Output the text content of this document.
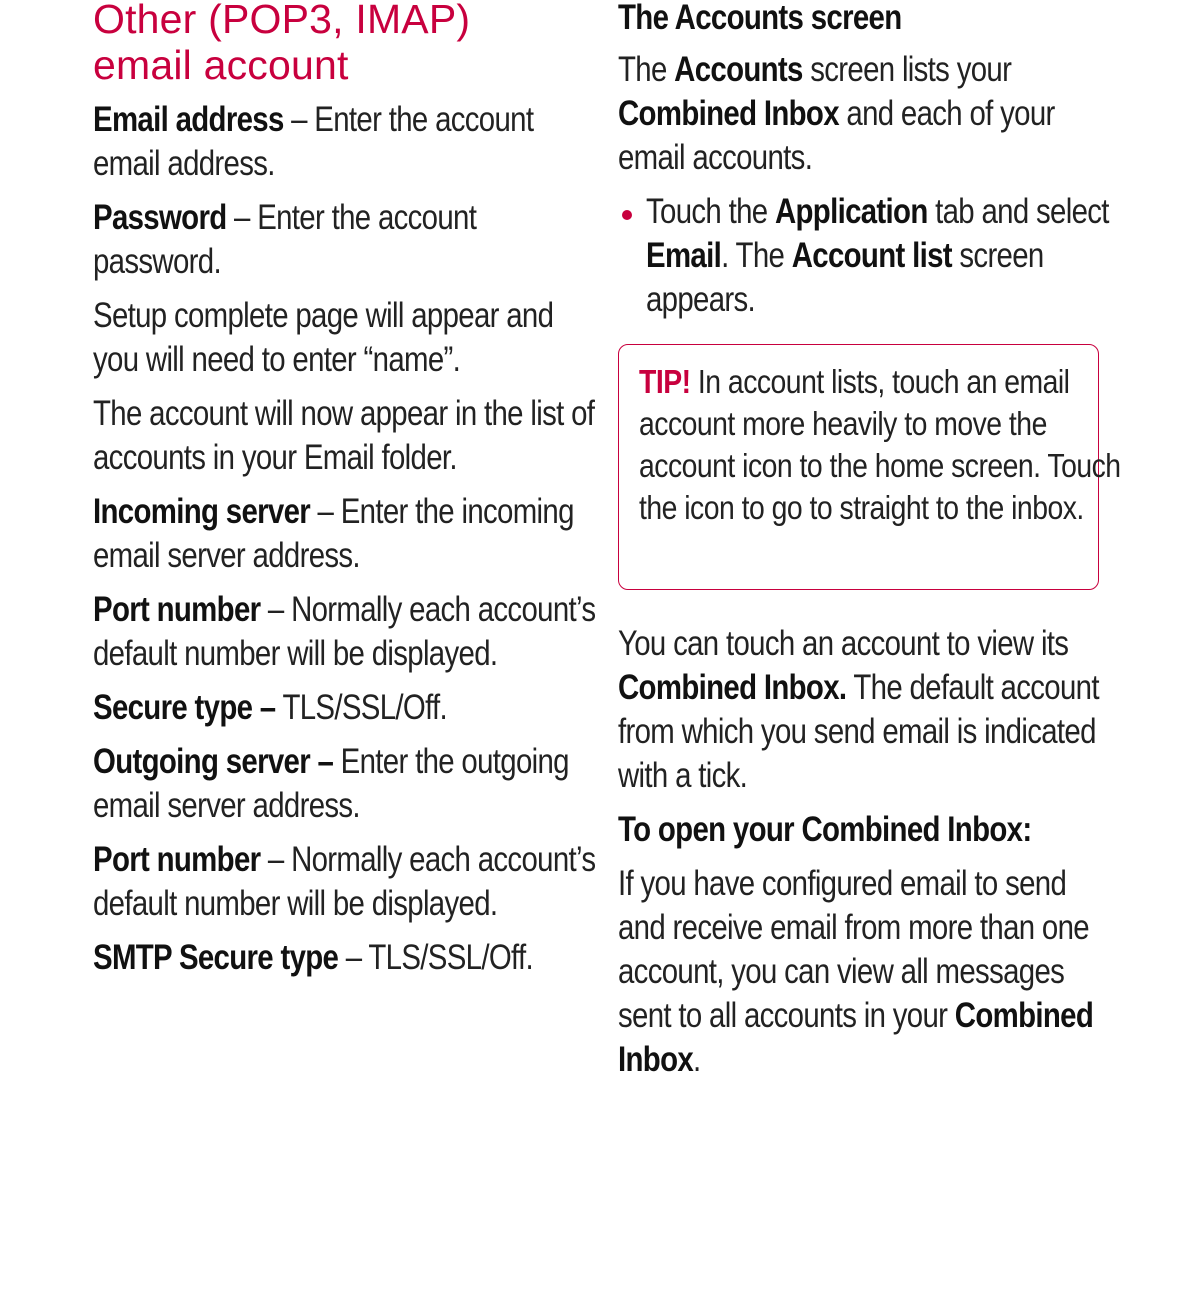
Other (POP3, IMAP)
email account

Email address – Enter the account email address.

Password – Enter the account password.

Setup complete page will appear and you will need to enter “name”.

The account will now appear in the list of accounts in your Email folder.

Incoming server – Enter the incoming email server address.

Port number – Normally each account’s default number will be displayed.

Secure type – TLS/SSL/Off.

Outgoing server – Enter the outgoing email server address.

Port number – Normally each account’s default number will be displayed.

SMTP Secure type – TLS/SSL/Off.

The Accounts screen

The Accounts screen lists your Combined Inbox and each of your email accounts.

Touch the Application tab and select Email. The Account list screen appears.

You can touch an account to view its Combined Inbox. The default account from which you send email is indicated with a tick.

To open your Combined Inbox:

If you have configured email to send and receive email from more than one account, you can view all messages sent to all accounts in your Combined Inbox.

TIP! In account lists, touch an email account more heavily to move the account icon to the home screen. Touch the icon to go to straight to the inbox.
